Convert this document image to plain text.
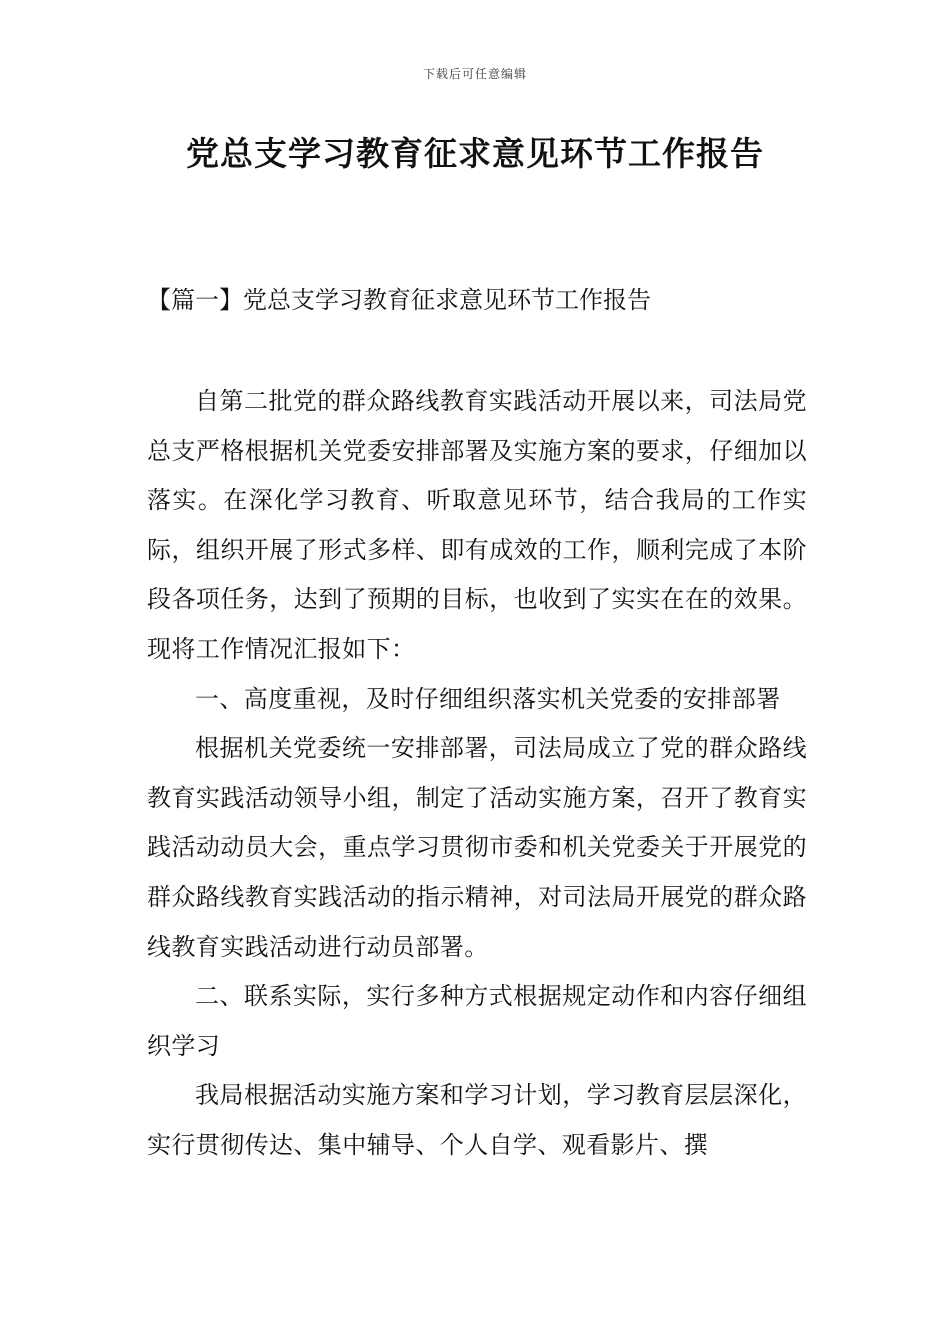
下载后可任意编辑
党总支学习教育征求意见环节工作报告
【篇一】党总支学习教育征求意见环节工作报告

自第二批党的群众路线教育实践活动开展以来，司法局党总支严格根据机关党委安排部署及实施方案的要求，仔细加以落实。在深化学习教育、听取意见环节，结合我局的工作实际，组织开展了形式多样、即有成效的工作，顺利完成了本阶段各项任务，达到了预期的目标，也收到了实实在在的效果。现将工作情况汇报如下：

一、高度重视，及时仔细组织落实机关党委的安排部署

根据机关党委统一安排部署，司法局成立了党的群众路线教育实践活动领导小组，制定了活动实施方案，召开了教育实践活动动员大会，重点学习贯彻市委和机关党委关于开展党的群众路线教育实践活动的指示精神，对司法局开展党的群众路线教育实践活动进行动员部署。

二、联系实际，实行多种方式根据规定动作和内容仔细组织学习

我局根据活动实施方案和学习计划，学习教育层层深化，实行贯彻传达、集中辅导、个人自学、观看影片、撰
